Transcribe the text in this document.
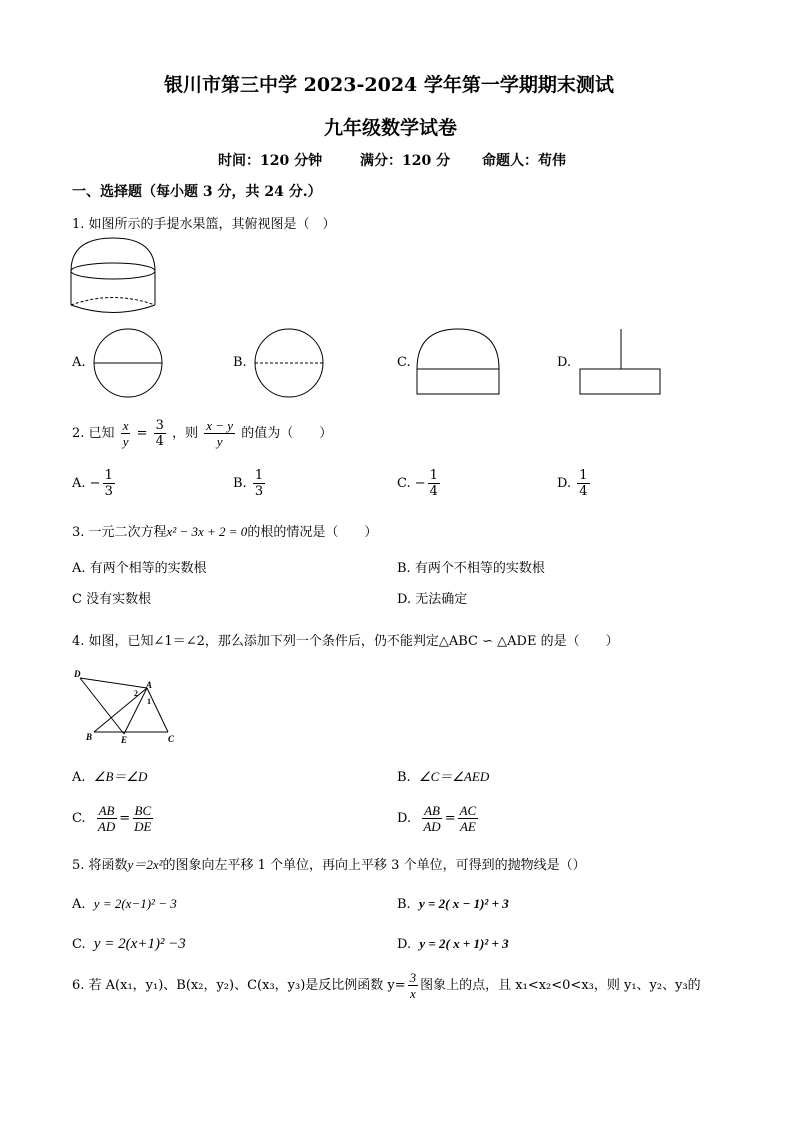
银川市第三中学 2023-2024 学年第一学期期末测试
九年级数学试卷
时间：120 分钟	满分：120 分 命题人：苟伟
一、选择题（每小题 3 分，共 24 分.）
1. 如图所示的手提水果篮，其俯视图是（　）
A.	B.	C.	D.
2. 已知 $\frac{x}{y} = \frac{3}{4}$ ，则 $\frac{x - y}{y}$ 的值为（　　）
A. − $\frac{1}{3}$	B. $\frac{1}{3}$	C. − $\frac{1}{4}$	D. $\frac{1}{4}$
3. 一元二次方程x² − 3x + 2 = 0的根的情况是（　　）
A. 有两个相等的实数根	B. 有两个不相等的实数根
C 没有实数根	D. 无法确定
4. 如图，已知∠1＝∠2，那么添加下列一个条件后，仍不能判定△ABC ∽ △ADE 的是（　　）
D
A
2
1
B	E	C
A. ∠B＝∠D	B. ∠C＝∠AED
C. $\frac{AB}{AD} = \frac{BC}{DE}$	D. $\frac{AB}{AD} = \frac{AC}{AE}$
5. 将函数y＝2x²的图象向左平移 1 个单位，再向上平移 3 个单位，可得到的抛物线是（）
A. y = 2(x−1)² − 3	B. y = 2( x − 1)² + 3
C. y = 2(x+1)² −3	D. y = 2( x + 1)² + 3
6. 若 A(x₁，y₁)、B(x₂，y₂)、C(x₃，y₃)是反比例函数 $y= \frac{3}{x}$ 图象上的点，且 x₁<x₂<0<x₃，则 y₁、y₂、y₃的
